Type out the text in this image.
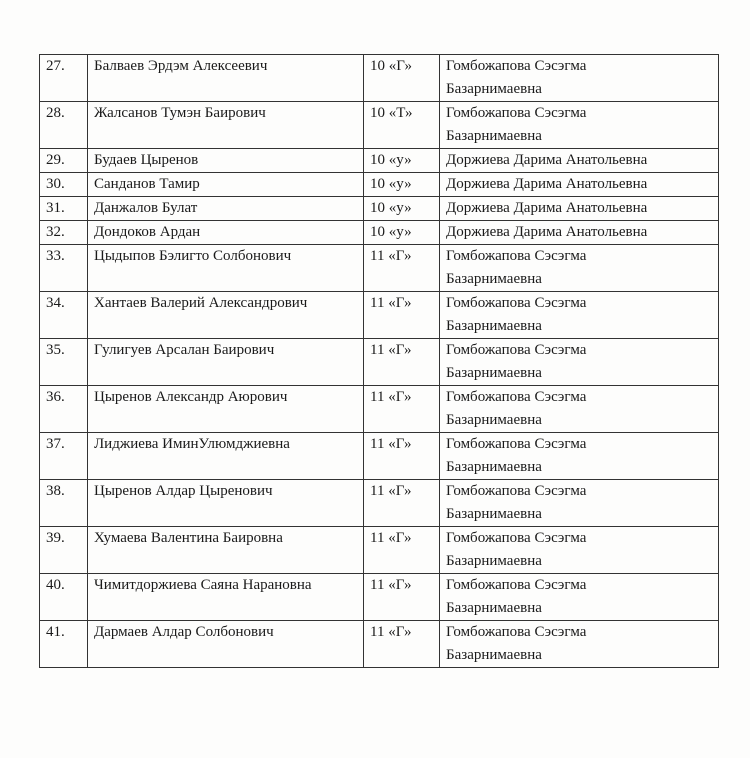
27.	Балваев Эрдэм Алексеевич	10 «Г»	Гомбожапова Сэсэгма
Базарнимаевна

28.	Жалсанов Тумэн Баирович	10 «Т»	Гомбожапова Сэсэгма
Базарнимаевна

29.	Будаев Цыренов	10 «у»	Доржиева Дарима Анатольевна

30.	Санданов Тамир	10 «у»	Доржиева Дарима Анатольевна

31.	Данжалов Булат	10 «у»	Доржиева Дарима Анатольевна

32.	Дондоков Ардан	10 «у»	Доржиева Дарима Анатольевна

33.	Цыдыпов Бэлигто Солбонович	11 «Г»	Гомбожапова Сэсэгма
Базарнимаевна

34.	Хантаев Валерий Александрович	11 «Г»	Гомбожапова Сэсэгма
Базарнимаевна

35.	Гулигуев Арсалан Баирович	11 «Г»	Гомбожапова Сэсэгма
Базарнимаевна

36.	Цыренов Александр Аюрович	11 «Г»	Гомбожапова Сэсэгма
Базарнимаевна

37.	Лиджиева ИминУлюмджиевна	11 «Г»	Гомбожапова Сэсэгма
Базарнимаевна

38.	Цыренов Алдар Цыренович	11 «Г»	Гомбожапова Сэсэгма
Базарнимаевна

39.	Хумаева Валентина Баировна	11 «Г»	Гомбожапова Сэсэгма
Базарнимаевна

40.	Чимитдоржиева Саяна Нарановна	11 «Г»	Гомбожапова Сэсэгма
Базарнимаевна

41.	Дармаев Алдар Солбонович	11 «Г»	Гомбожапова Сэсэгма
Базарнимаевна
